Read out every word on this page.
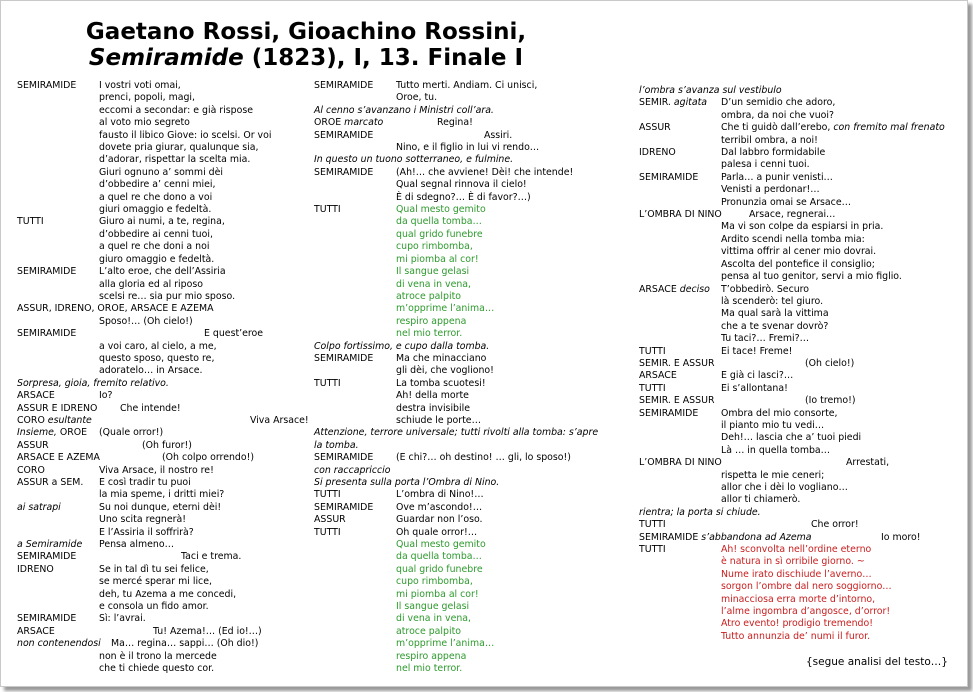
Gaetano Rossi, Gioachino Rossini,
Semiramide (1823), I, 13. Finale I
SEMIRAMIDE	I vostri voti omai,
prenci, popoli, magi,
eccomi a secondar: e già rispose
al voto mio segreto
fausto il libico Giove: io scelsi. Or voi
dovete pria giurar, qualunque sia,
d’adorar, rispettar la scelta mia.
Giuri ognuno a’ sommi dèi
d’obbedire a’ cenni miei,
a quel re che dono a voi
giuri omaggio e fedeltà.
TUTTI	Giuro ai numi, a te, regina,
d’obbedire ai cenni tuoi,
a quel re che doni a noi
giuro omaggio e fedeltà.
SEMIRAMIDE	L’alto eroe, che dell’Assiria
alla gloria ed al riposo
scelsi re… sia pur mio sposo.
ASSUR, IDRENO, OROE, ARSACE E AZEMA
Sposo!… (Oh cielo!)
SEMIRAMIDE	E quest’eroe
a voi caro, al cielo, a me,
questo sposo, questo re,
adoratelo… in Arsace.
Sorpresa, gioia, fremito relativo.
ARSACE	Io?
ASSUR E IDRENO	Che intende!
CORO esultante	Viva Arsace!
Insieme, OROE	(Quale orror!)
ASSUR	(Oh furor!)
ARSACE E AZEMA	(Oh colpo orrendo!)
CORO	Viva Arsace, il nostro re!
ASSUR a SEM.	E così tradir tu puoi
la mia speme, i dritti miei?
ai satrapi	Su noi dunque, eterni dèi!
Uno scita regnerà!
E l’Assiria il soffrirà?
a Semiramide	Pensa almeno…
SEMIRAMIDE	Taci e trema.
IDRENO	Se in tal dì tu sei felice,
se mercé sperar mi lice,
deh, tu Azema a me concedi,
e consola un fido amor.
SEMIRAMIDE	Sì: l’avrai.
ARSACE	Tu! Azema!… (Ed io!…)
non contenendosi	Ma… regina… sappi… (Oh dio!)
non è il trono la mercede
che ti chiede questo cor.
SEMIRAMIDE	Tutto merti. Andiam. Ci unisci,
Oroe, tu.
Al cenno s’avanzano i Ministri coll’ara.
OROE marcato	Regina!
SEMIRAMIDE	Assiri.
Nino, e il figlio in lui vi rendo…
In questo un tuono sotterraneo, e fulmine.
SEMIRAMIDE	(Ah!… che avviene! Dèi! che intende!
Qual segnal rinnova il cielo!
È di sdegno?… È di favor?…)
TUTTI	Qual mesto gemito
da quella tomba…
qual grido funebre
cupo rimbomba,
mi piomba al cor!
Il sangue gelasi
di vena in vena,
atroce palpito
m’opprime l’anima…
respiro appena
nel mio terror.
Colpo fortissimo, e cupo dalla tomba.
SEMIRAMIDE	Ma che minacciano
gli dèi, che vogliono!
TUTTI	La tomba scuotesi!
Ah! della morte
destra invisibile
schiude le porte…
Attenzione, terrore universale; tutti rivolti alla tomba: s’apre
la tomba.
SEMIRAMIDE	(E chi?… oh destino! … gli, lo sposo!)
con raccapriccio
Si presenta sulla porta l’Ombra di Nino.
TUTTI	L’ombra di Nino!…
SEMIRAMIDE	Ove m’ascondo!…
ASSUR	Guardar non l’oso.
TUTTI	Oh quale orror!…
Qual mesto gemito
da quella tomba…
qual grido funebre
cupo rimbomba,
mi piomba al cor!
Il sangue gelasi
di vena in vena,
atroce palpito
m’opprime l’anima…
respiro appena
nel mio terror.
l’ombra s’avanza sul vestibulo
SEMIR. agitata	D’un semidio che adoro,
ombra, da noi che vuoi?
ASSUR	Che ti guidò dall’erebo, con fremito mal frenato
terribil ombra, a noi!
IDRENO	Dal labbro formidabile
palesa i cenni tuoi.
SEMIRAMIDE	Parla… a punir venisti…
Venisti a perdonar!…
Pronunzia omai se Arsace…
L’OMBRA DI NINO	Arsace, regnerai…
Ma vi son colpe da espiarsi in pria.
Ardito scendi nella tomba mia:
vittima offrir al cener mio dovrai.
Ascolta del pontefice il consiglio;
pensa al tuo genitor, servi a mio figlio.
ARSACE deciso	T’obbedirò. Securo
là scenderò: tel giuro.
Ma qual sarà la vittima
che a te svenar dovrò?
Tu taci?… Fremi?…
TUTTI	Ei tace! Freme!
SEMIR. E ASSUR	(Oh cielo!)
ARSACE	E già ci lasci?…
TUTTI	Ei s’allontana!
SEMIR. E ASSUR	(Io tremo!)
SEMIRAMIDE	Ombra del mio consorte,
il pianto mio tu vedi…
Deh!… lascia che a’ tuoi piedi
Là … in quella tomba…
L’OMBRA DI NINO	Arrestati,
rispetta le mie ceneri;
allor che i dèi lo vogliano…
allor ti chiamerò.
rientra; la porta si chiude.
TUTTI	Che orror!
SEMIRAMIDE s’abbandona ad Azema	Io moro!
TUTTI	Ah! sconvolta nell’ordine eterno
è natura in sì orribile giorno. ~
Nume irato dischiude l’averno…
sorgon l’ombre dal nero soggiorno…
minacciosa erra morte d’intorno,
l’alme ingombra d’angosce, d’orror!
Atro evento! prodigio tremendo!
Tutto annunzia de’ numi il furor.
{segue analisi del testo…}
